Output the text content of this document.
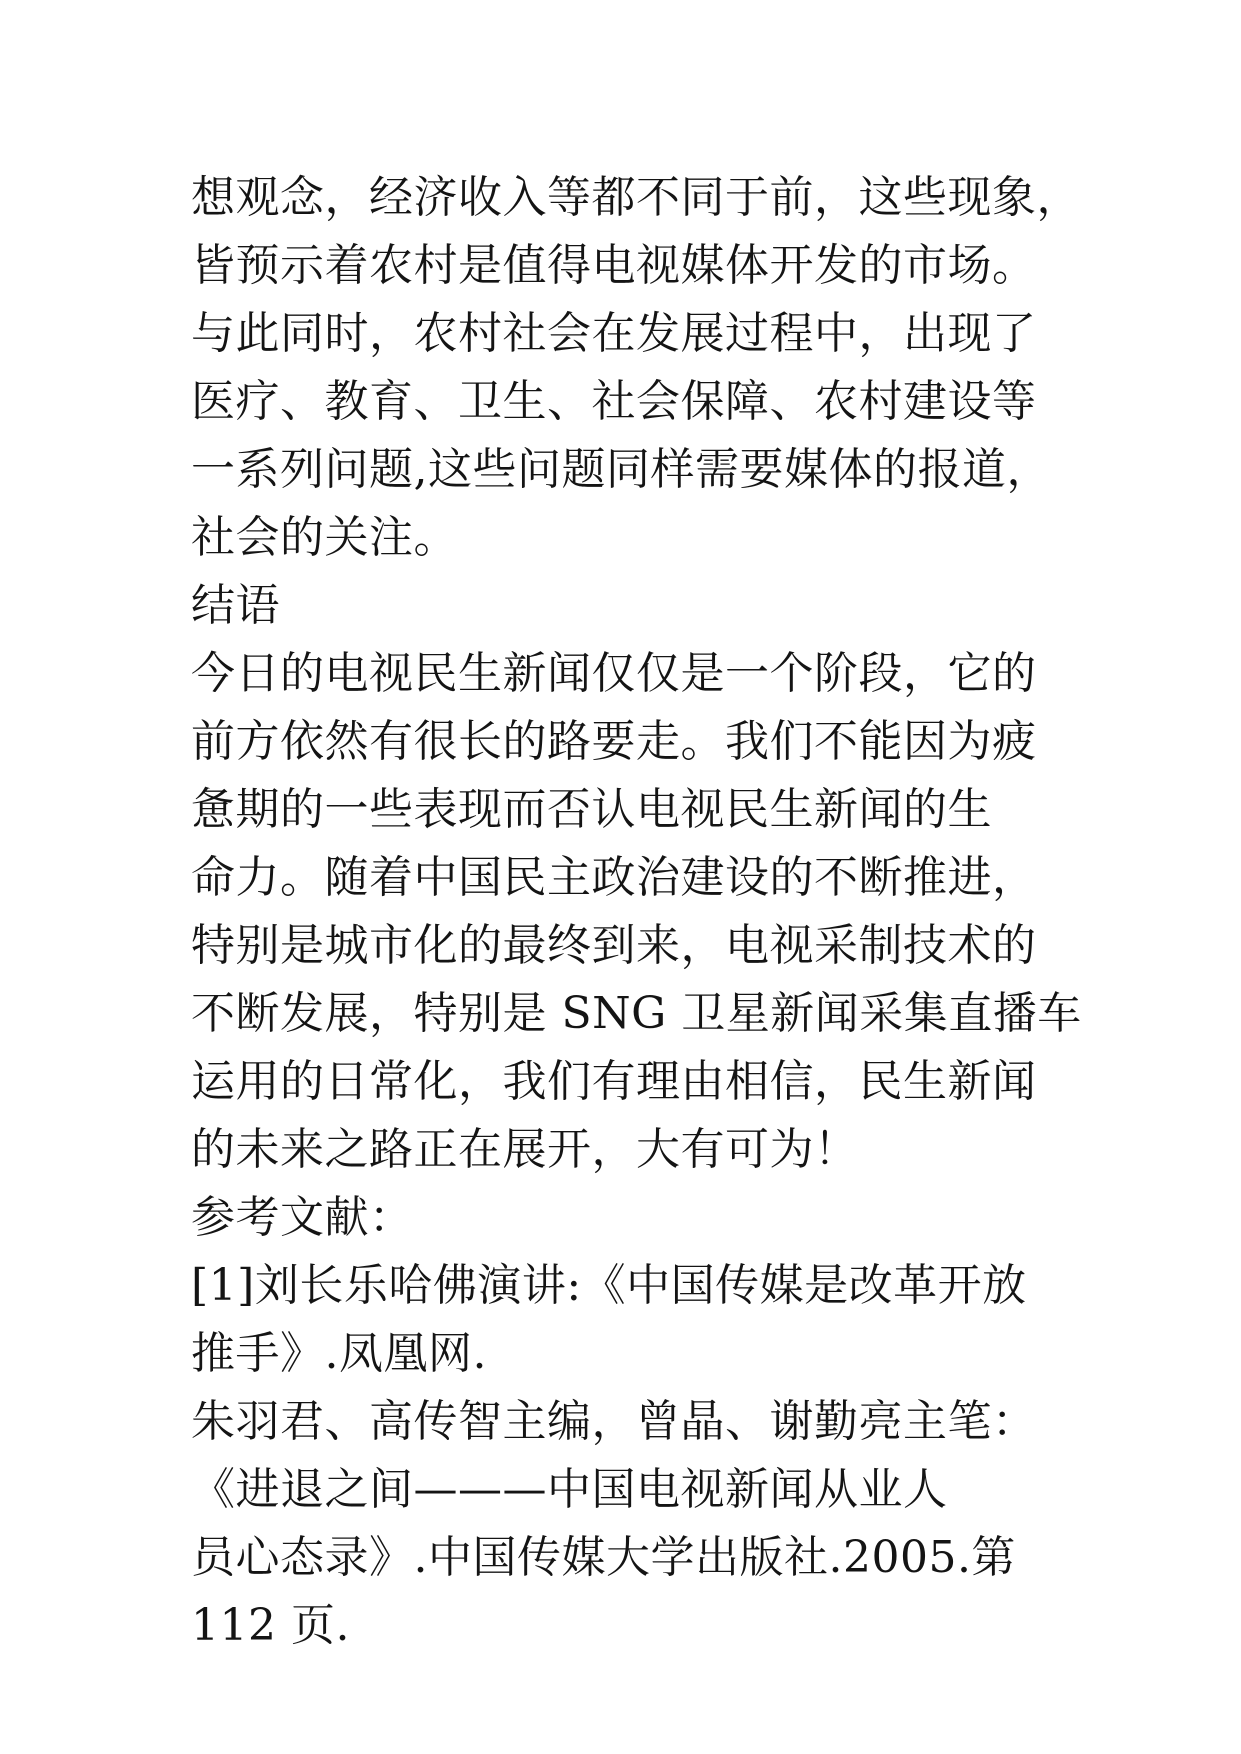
想观念，经济收入等都不同于前，这些现象，
皆预示着农村是值得电视媒体开发的市场。
与此同时，农村社会在发展过程中，出现了
医疗、教育、卫生、社会保障、农村建设等
一系列问题,这些问题同样需要媒体的报道，
社会的关注。
结语
今日的电视民生新闻仅仅是一个阶段，它的
前方依然有很长的路要走。我们不能因为疲
惫期的一些表现而否认电视民生新闻的生
命力。随着中国民主政治建设的不断推进，
特别是城市化的最终到来，电视采制技术的
不断发展，特别是 SNG 卫星新闻采集直播车
运用的日常化，我们有理由相信，民生新闻
的未来之路正在展开，大有可为！
参考文献：
[1]刘长乐哈佛演讲:《中国传媒是改革开放
推手》.凤凰网.
朱羽君、高传智主编，曾晶、谢勤亮主笔：
《进退之间———中国电视新闻从业人
员心态录》.中国传媒大学出版社.2005.第
112 页.
